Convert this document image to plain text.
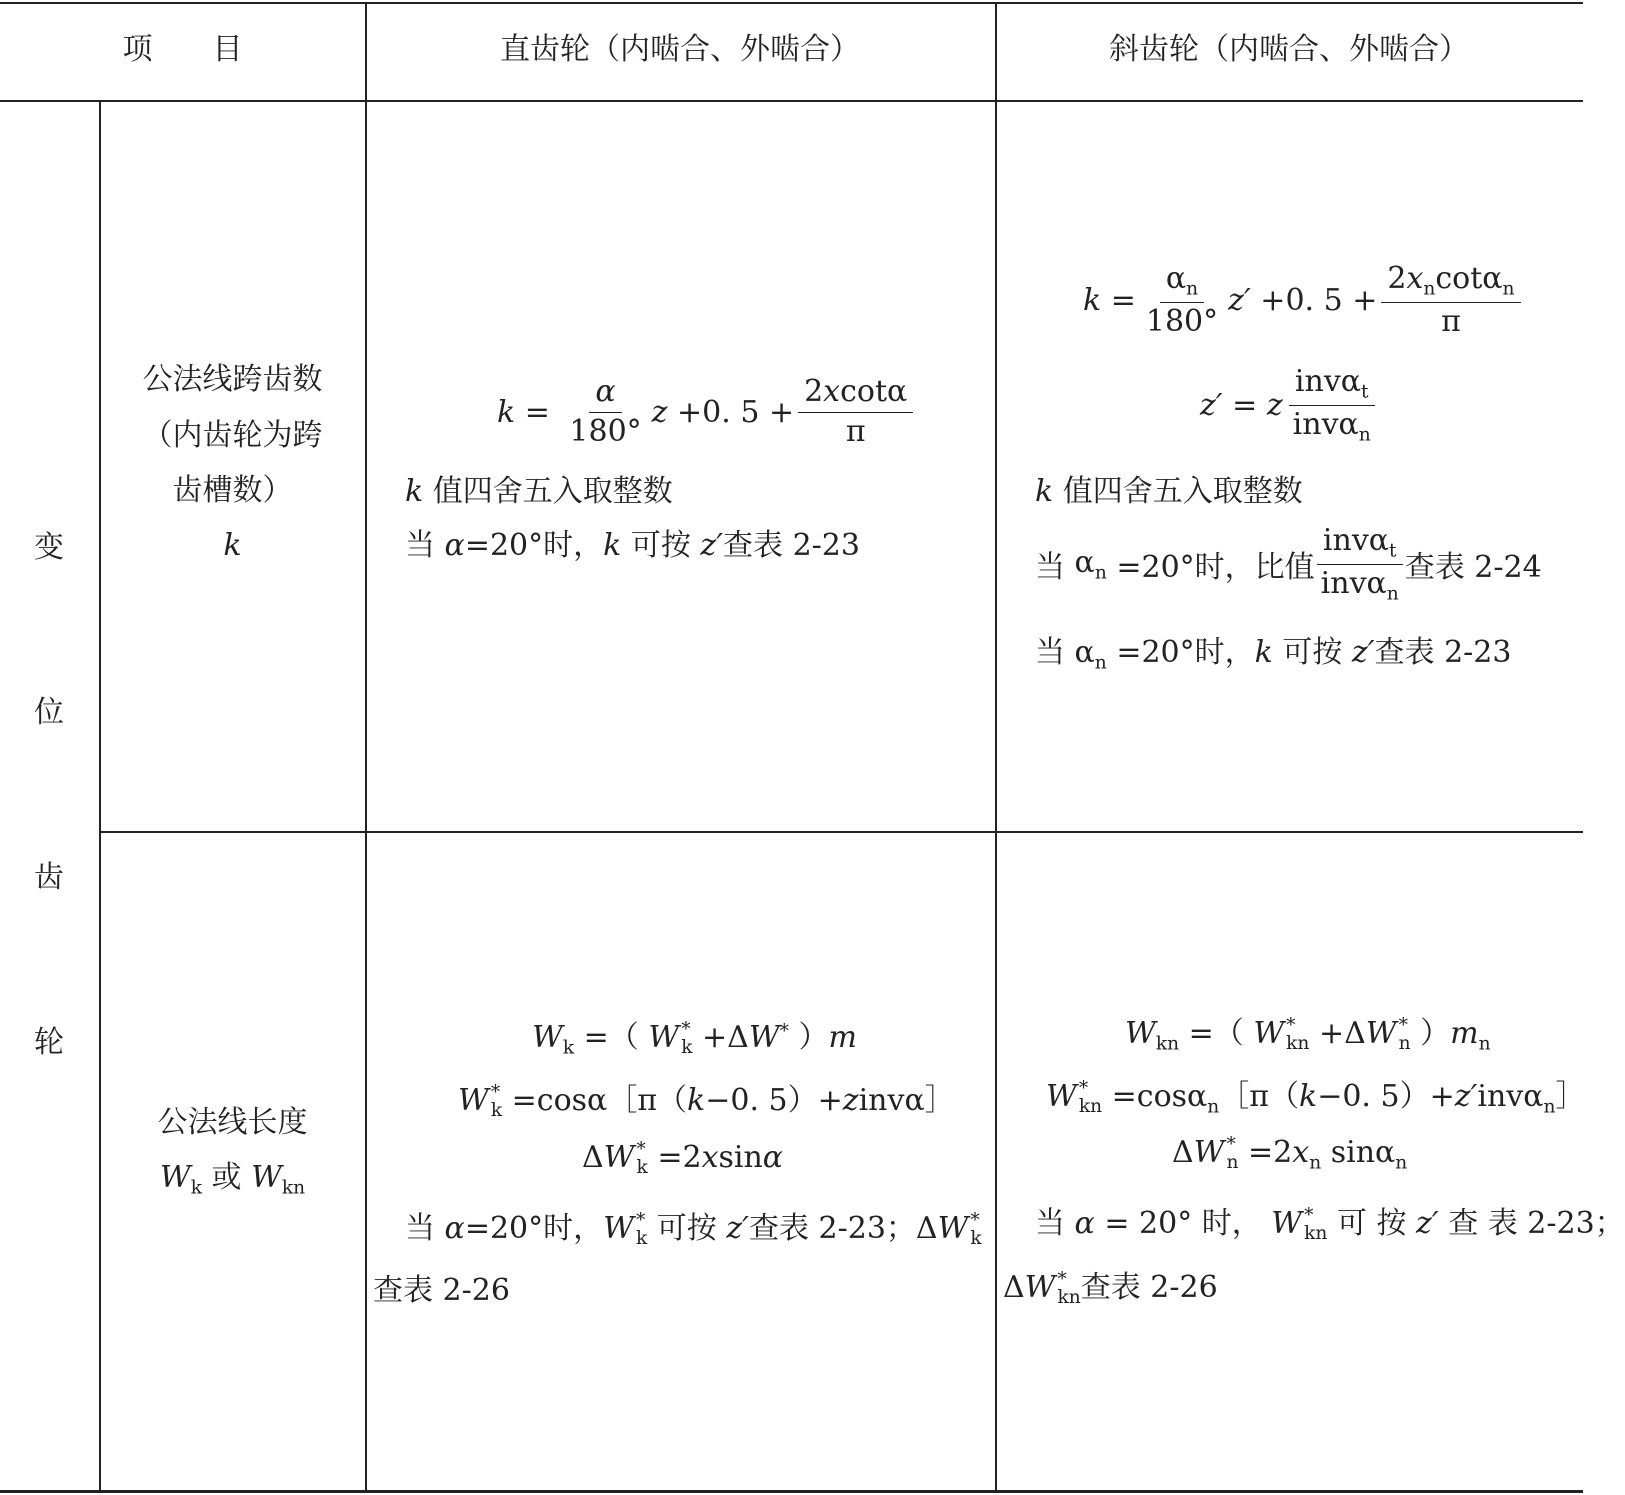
项　　目	直齿轮（内啮合、外啮合）	斜齿轮（内啮合、外啮合）
变
位
齿
轮
公法线跨齿数
（内齿轮为跨
齿槽数）
k
$k = \frac{\alpha}{180^\circ}$ z +0. $5 + \frac{2xcot\alpha}{\pi}$
k 值四舍五入取整数
当 α=20°时，k 可按 z′查表 2-23
$k = \frac{\alpha_n}{180^\circ} z' +0$. $5 + \frac{2x_n\cot\alpha_n}{\pi}$
z′ = z $\frac{inv\alpha_t}{inv\alpha_n}$
k 值四舍五入取整数
当
$\alpha_n$
=20°时，比值 $\frac{inv\alpha_t}{inv\alpha_n}$ 查表 2-24
当 $\alpha_n =20^\circ$时，k 可按 z′查表 2-23
公法线长度
$W_k$ 或 $W_{kn}$
$W_k$ =（ W *
k +ΔW* ）m
W *
k =cosα［π（k−0. 5）+zinvα］
ΔW *
k =2xsinα
当 α=20°时，W *
k 可按 z′查表 2-23；ΔW *
k
查表 2-26
$W_{kn}$ =（ W *
kn +ΔW *
n ）$m_n$
W *
kn =cosα$_n$［π（k−0. 5）+z′invα$_n$］
ΔW *
$n =2x_n$ sinα$_n$
当 α = 20° 时， W *
kn 可 按 z′ 查 表 2-23；
ΔW *
kn 查表 2-26
